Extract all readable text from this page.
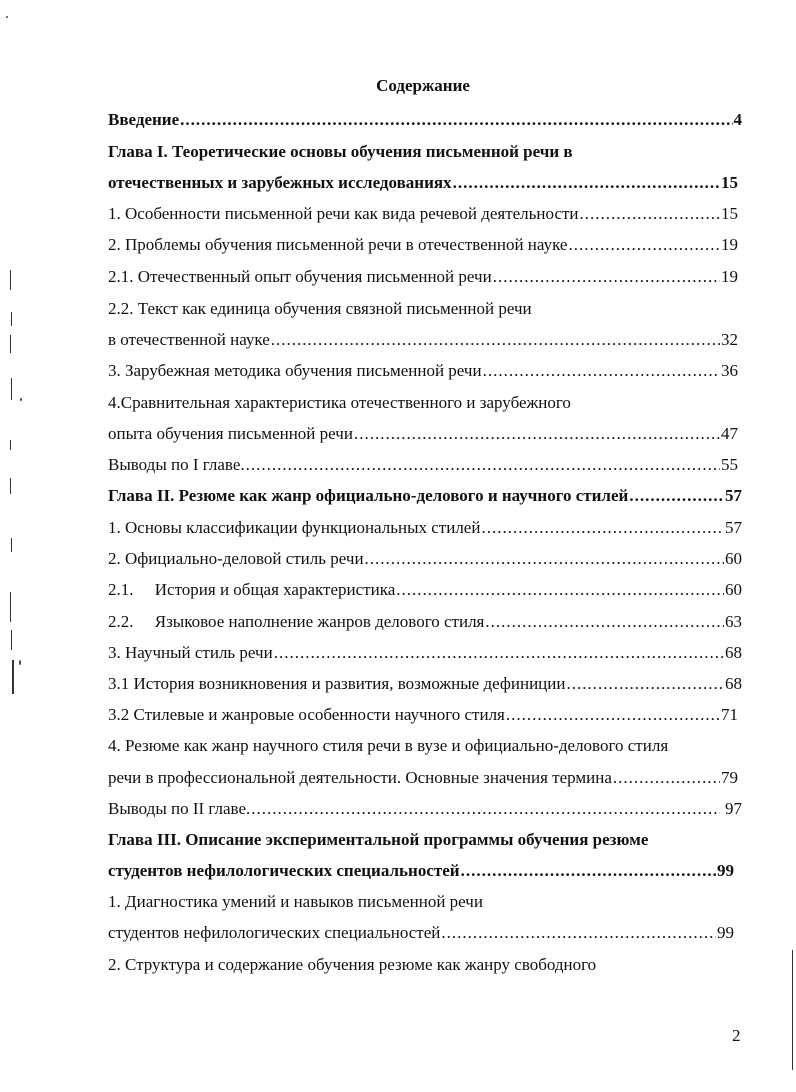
Содержание
Введение .....	4
Глава I. Теоретические основы обучения письменной речи в
отечественных и зарубежных исследованиях .....	15
1. Особенности письменной речи как вида речевой деятельности .....	15
2. Проблемы обучения письменной речи в отечественной науке .....	19
2.1. Отечественный опыт обучения письменной речи .....	19
2.2. Текст как единица обучения связной письменной речи
в отечественной науке .....	32
3. Зарубежная методика обучения письменной речи .....	36
4.Сравнительная характеристика отечественного и зарубежного
опыта обучения письменной речи .....	47
Выводы по I главе. .....	55
Глава II. Резюме как жанр официально-делового и научного стилей .....	57
1. Основы классификации функциональных стилей .....	57
2. Официально-деловой стиль речи .....	60
2.1.     История и общая характеристика .....	60
2.2.     Языковое наполнение жанров делового стиля .....	63
3. Научный стиль речи .....	68
3.1 История возникновения и развития, возможные дефиниции .....	68
3.2 Стилевые и жанровые особенности научного стиля .....	71
4. Резюме как жанр научного стиля речи в вузе и официально-делового стиля
речи в профессиональной деятельности. Основные значения термина .....	79
Выводы по II главе. .....	97
Глава III. Описание экспериментальной программы обучения резюме
студентов нефилологических специальностей .....	99
1. Диагностика умений и навыков письменной речи
студентов нефилологических специальностей .....	99
2. Структура и содержание обучения резюме как жанру свободного
2
